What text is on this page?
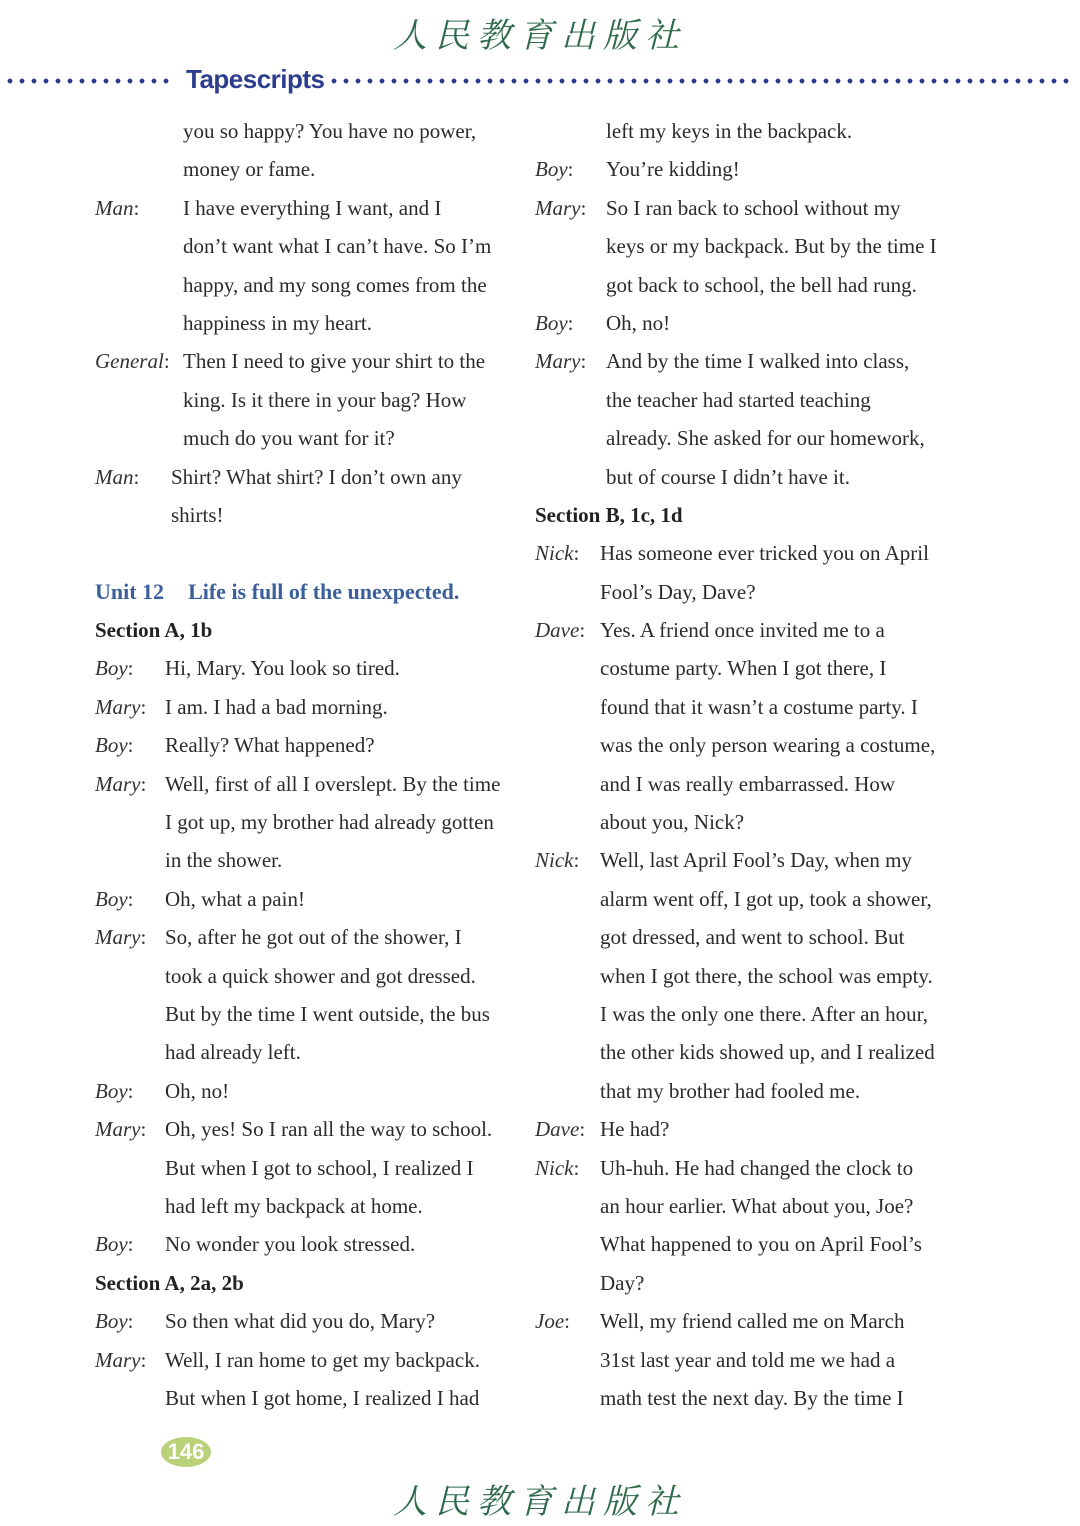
人民教育出版社
Tapescripts
you so happy? You have no power,
money or fame.
Man: I have everything I want, and I
don’t want what I can’t have. So I’m
happy, and my song comes from the
happiness in my heart.
General: Then I need to give your shirt to the
king. Is it there in your bag? How
much do you want for it?
Man: Shirt? What shirt? I don’t own any
shirts!
Unit 12 Life is full of the unexpected.
Section A, 1b
Boy: Hi, Mary. You look so tired.
Mary: I am. I had a bad morning.
Boy: Really? What happened?
Mary: Well, first of all I overslept. By the time
I got up, my brother had already gotten
in the shower.
Boy: Oh, what a pain!
Mary: So, after he got out of the shower, I
took a quick shower and got dressed.
But by the time I went outside, the bus
had already left.
Boy: Oh, no!
Mary: Oh, yes! So I ran all the way to school.
But when I got to school, I realized I
had left my backpack at home.
Boy: No wonder you look stressed.
Section A, 2a, 2b
Boy: So then what did you do, Mary?
Mary: Well, I ran home to get my backpack.
But when I got home, I realized I had
left my keys in the backpack.
Boy: You’re kidding!
Mary: So I ran back to school without my
keys or my backpack. But by the time I
got back to school, the bell had rung.
Boy: Oh, no!
Mary: And by the time I walked into class,
the teacher had started teaching
already. She asked for our homework,
but of course I didn’t have it.
Section B, 1c, 1d
Nick: Has someone ever tricked you on April
Fool’s Day, Dave?
Dave: Yes. A friend once invited me to a
costume party. When I got there, I
found that it wasn’t a costume party. I
was the only person wearing a costume,
and I was really embarrassed. How
about you, Nick?
Nick: Well, last April Fool’s Day, when my
alarm went off, I got up, took a shower,
got dressed, and went to school. But
when I got there, the school was empty.
I was the only one there. After an hour,
the other kids showed up, and I realized
that my brother had fooled me.
Dave: He had?
Nick: Uh-huh. He had changed the clock to
an hour earlier. What about you, Joe?
What happened to you on April Fool’s
Day?
Joe: Well, my friend called me on March
31st last year and told me we had a
math test the next day. By the time I
146
人民教育出版社
